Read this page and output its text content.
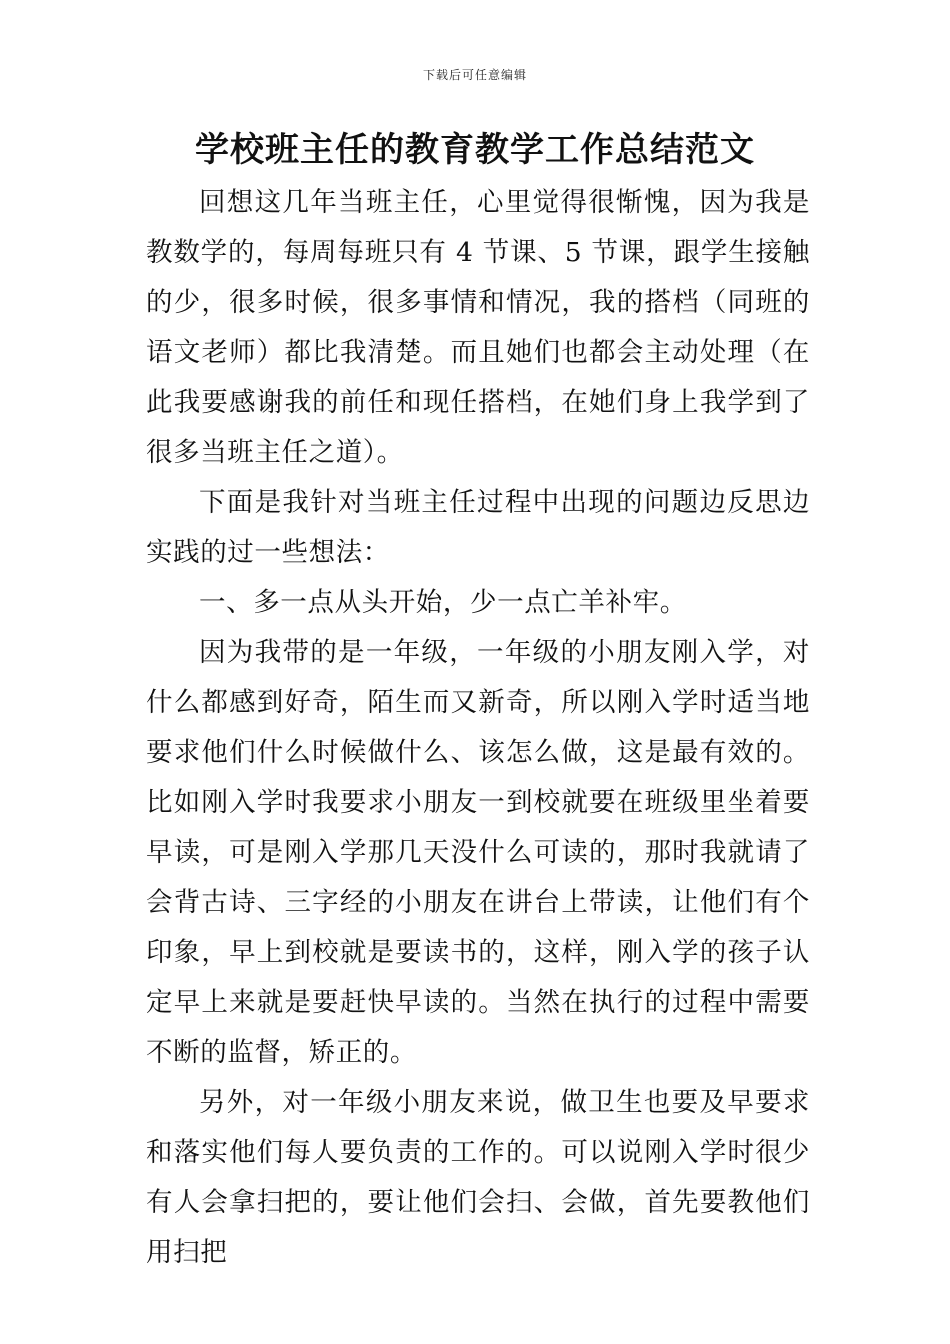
下载后可任意编辑
学校班主任的教育教学工作总结范文

回想这几年当班主任，心里觉得很惭愧，因为我是教数学的，每周每班只有 4 节课、5 节课，跟学生接触的少，很多时候，很多事情和情况，我的搭档（同班的语文老师）都比我清楚。而且她们也都会主动处理（在此我要感谢我的前任和现任搭档，在她们身上我学到了很多当班主任之道）。

下面是我针对当班主任过程中出现的问题边反思边实践的过一些想法：

一、多一点从头开始，少一点亡羊补牢。

因为我带的是一年级，一年级的小朋友刚入学，对什么都感到好奇，陌生而又新奇，所以刚入学时适当地要求他们什么时候做什么、该怎么做，这是最有效的。比如刚入学时我要求小朋友一到校就要在班级里坐着要早读，可是刚入学那几天没什么可读的，那时我就请了会背古诗、三字经的小朋友在讲台上带读，让他们有个印象，早上到校就是要读书的，这样，刚入学的孩子认定早上来就是要赶快早读的。当然在执行的过程中需要不断的监督，矫正的。

另外，对一年级小朋友来说，做卫生也要及早要求和落实他们每人要负责的工作的。可以说刚入学时很少有人会拿扫把的，要让他们会扫、会做，首先要教他们用扫把
